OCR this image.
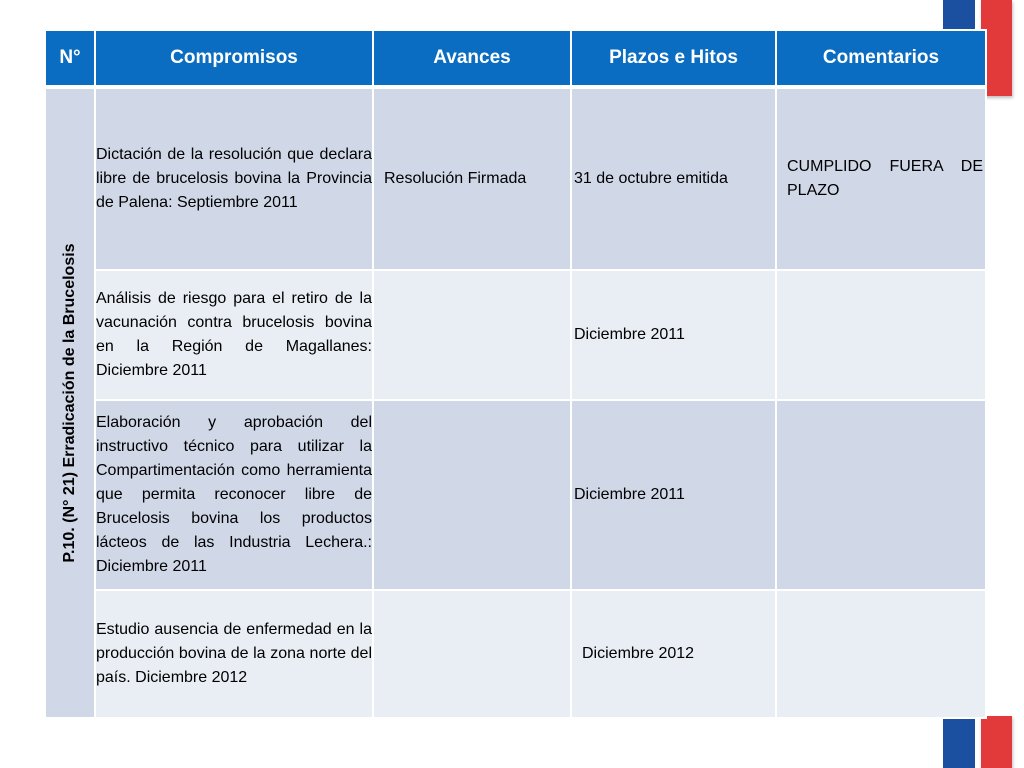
N°	Compromisos	Avances	Plazos e Hitos	Comentarios

P.10. (N° 21) Erradicación de la Brucelosis	Dictación de la resolución que declara libre de brucelosis bovina la Provincia de Palena: Septiembre 2011	Resolución Firmada	31 de octubre emitida	CUMPLIDO FUERA DE PLAZO
	Análisis de riesgo para el retiro de la vacunación contra brucelosis bovina en la Región de Magallanes: Diciembre 2011		Diciembre 2011	
	Elaboración y aprobación del instructivo técnico para utilizar la Compartimentación como herramienta que permita reconocer libre de Brucelosis bovina los productos lácteos de las Industria Lechera.: Diciembre 2011		Diciembre 2011	
	Estudio ausencia de enfermedad en la producción bovina de la zona norte del país. Diciembre 2012		Diciembre 2012	
